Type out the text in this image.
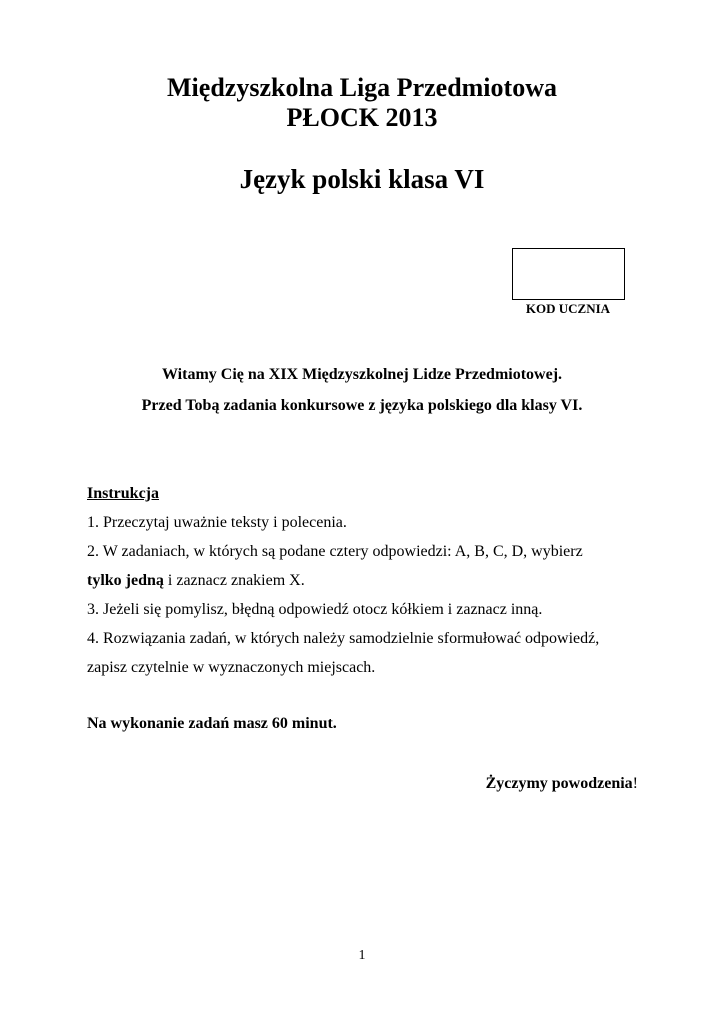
Międzyszkolna Liga Przedmiotowa
PŁOCK 2013
Język polski klasa VI
KOD UCZNIA
Witamy Cię na XIX Międzyszkolnej Lidze Przedmiotowej.
Przed Tobą zadania konkursowe z języka polskiego dla klasy VI.
Instrukcja
1. Przeczytaj uważnie teksty i polecenia.
2. W zadaniach, w których są podane cztery odpowiedzi: A, B, C, D, wybierz
tylko jedną i zaznacz znakiem X.
3. Jeżeli się pomylisz, błędną odpowiedź otocz kółkiem i zaznacz inną.
4. Rozwiązania zadań, w których należy samodzielnie sformułować odpowiedź,
zapisz czytelnie w wyznaczonych miejscach.
Na wykonanie zadań masz 60 minut.
Życzymy powodzenia!
1
